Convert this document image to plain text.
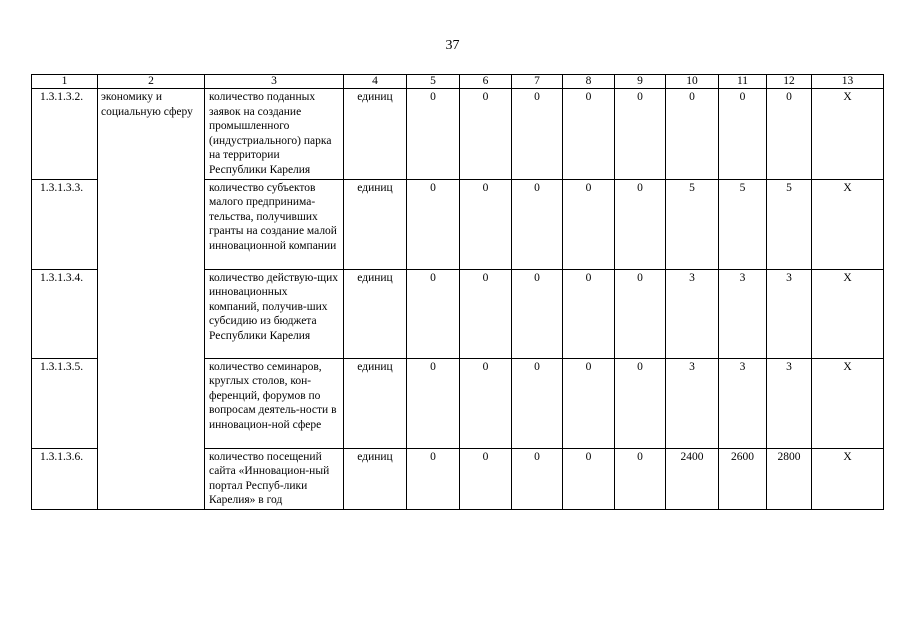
37
1	2	3	4	5	6	7	8	9	10	11	12	13
1.3.1.3.2.	экономику и социальную сферу	количество поданных заявок на создание промышленного (индустриального) парка на территории Республики Карелия	единиц	0	0	0	0	0	0	0	0	Х
1.3.1.3.3.		количество субъектов малого предпринима-тельства, получивших гранты на создание малой инновационной компании	единиц	0	0	0	0	0	5	5	5	Х
1.3.1.3.4.		количество действую-щих инновационных компаний, получив-ших субсидию из бюджета Республики Карелия	единиц	0	0	0	0	0	3	3	3	Х
1.3.1.3.5.		количество семинаров, круглых столов, кон-ференций, форумов по вопросам деятель-ности в инновацион-ной сфере	единиц	0	0	0	0	0	3	3	3	Х
1.3.1.3.6.		количество посещений сайта «Инновацион-ный портал Респуб-лики Карелия» в год	единиц	0	0	0	0	0	2400	2600	2800	Х
